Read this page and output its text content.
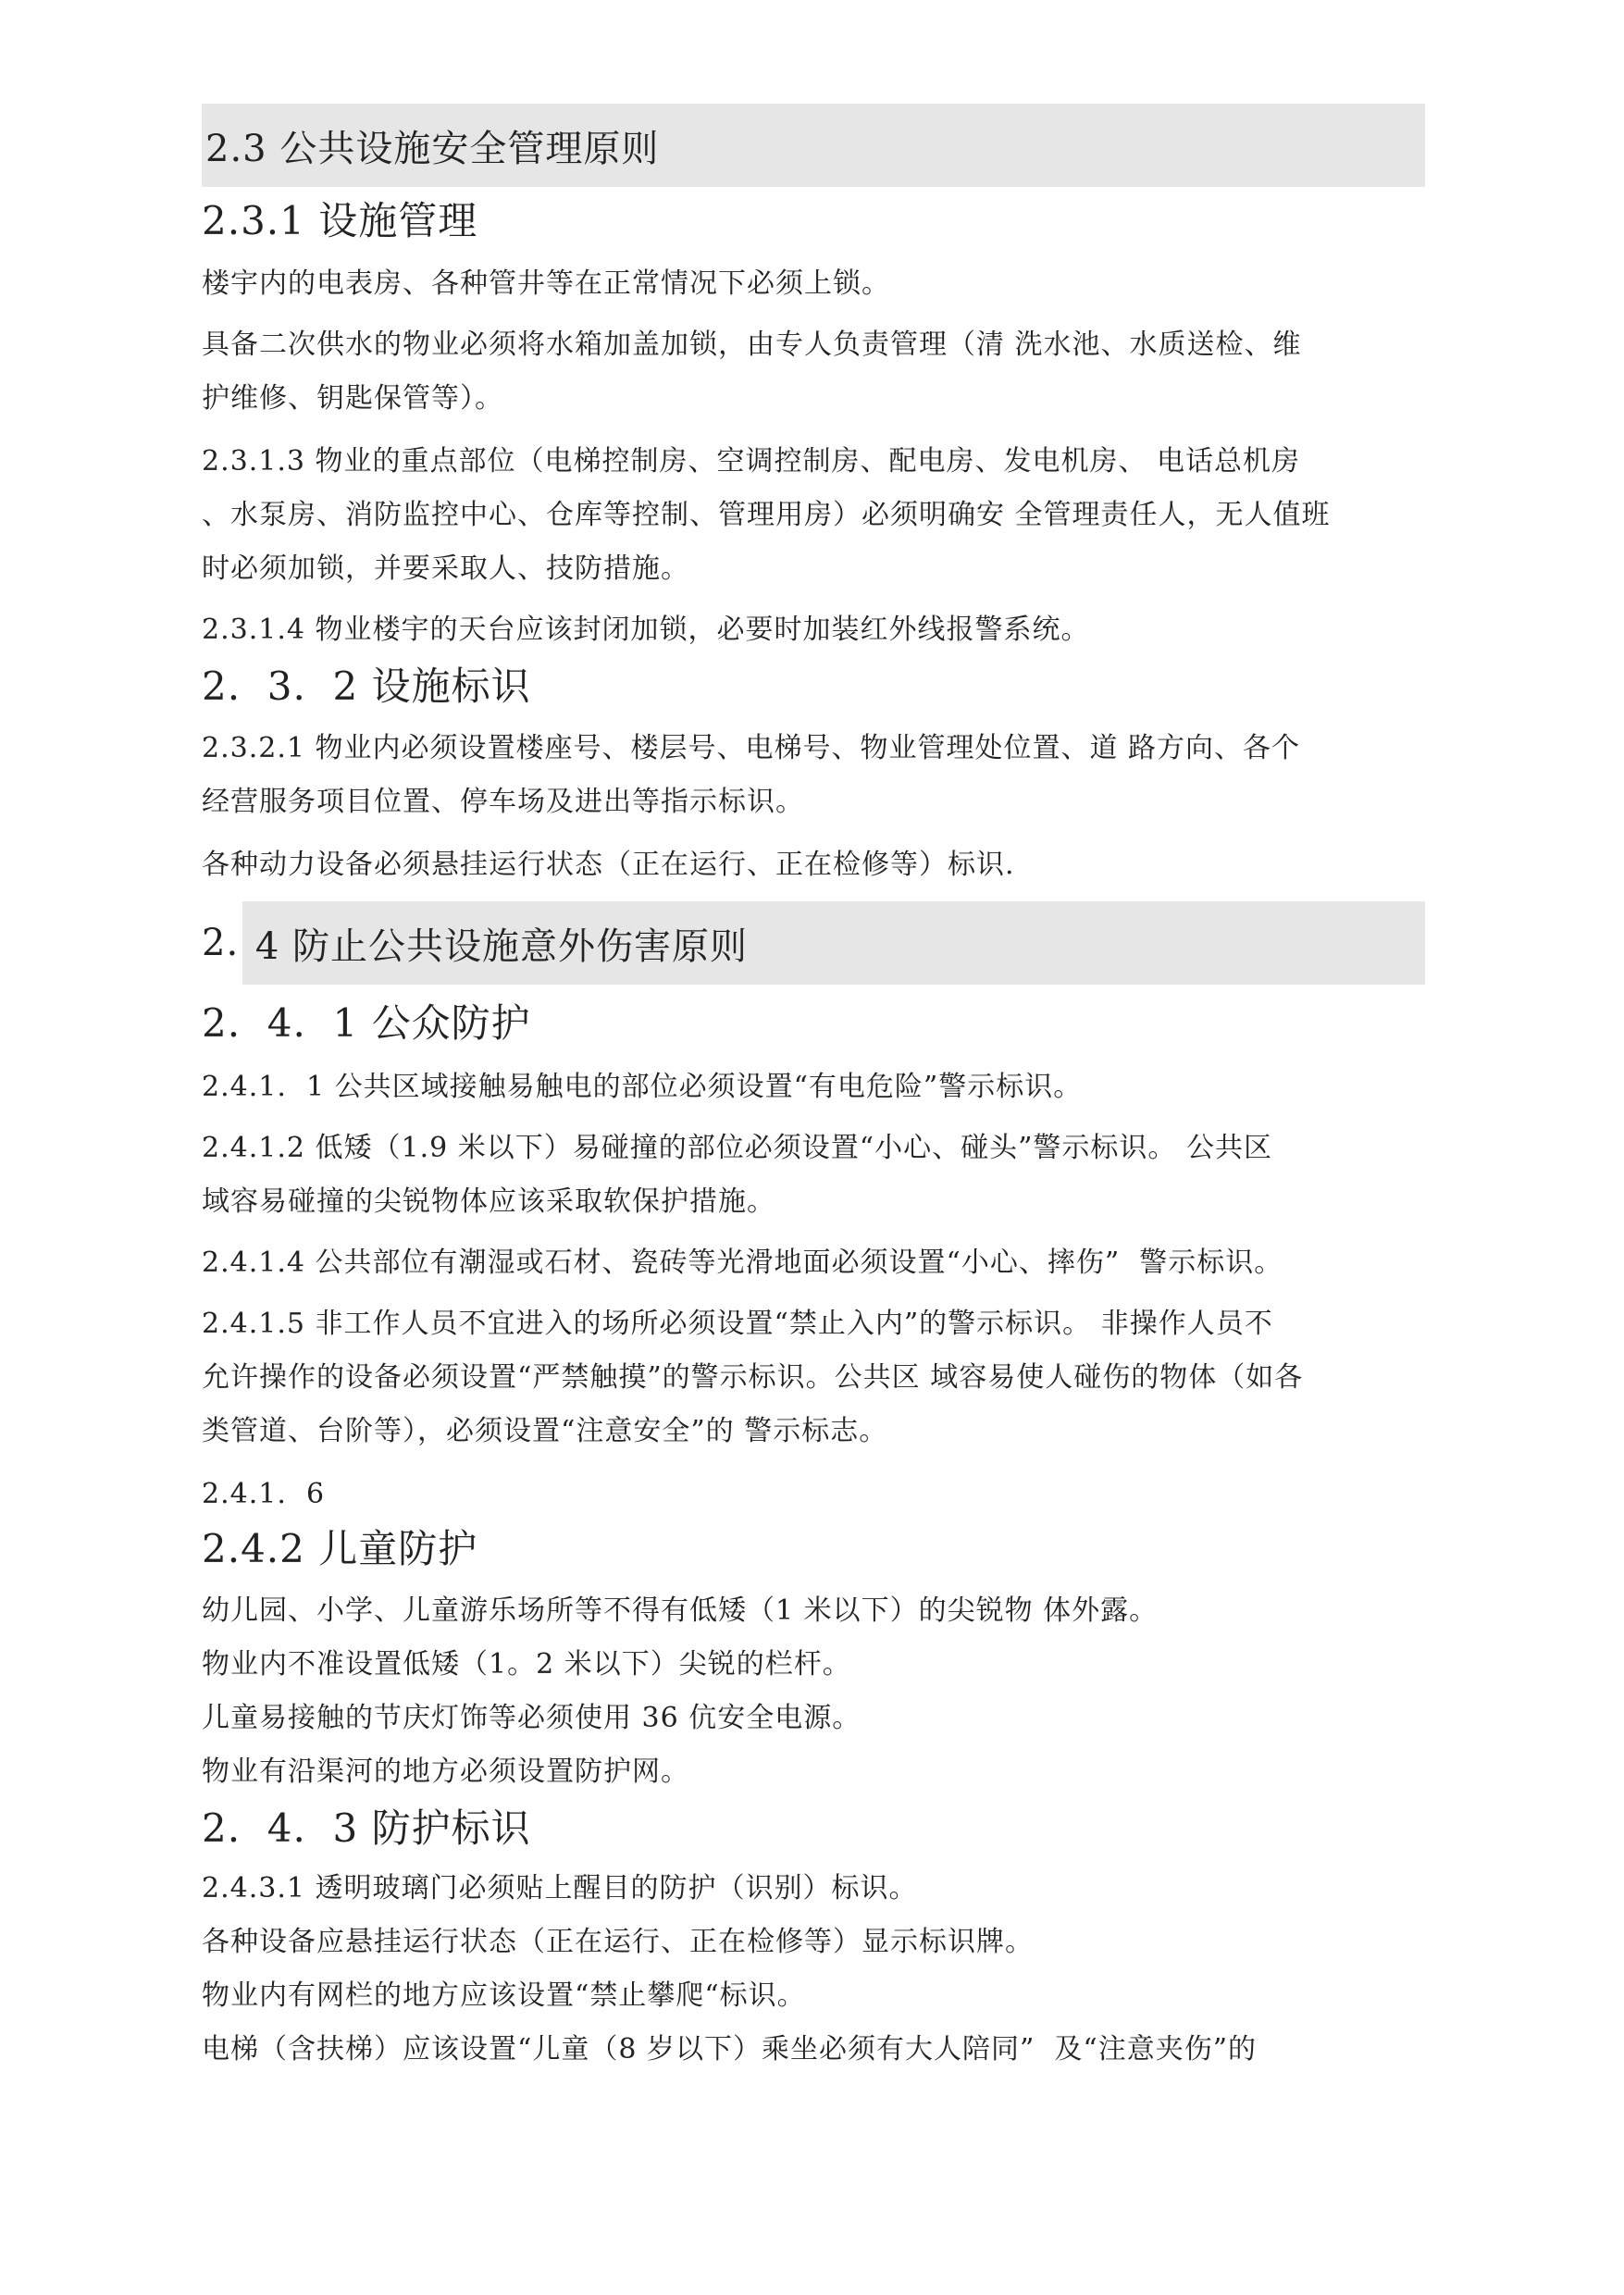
2.3 公共设施安全管理原则
2.3.1 设施管理
楼宇内的电表房、各种管井等在正常情况下必须上锁。
具备二次供水的物业必须将水箱加盖加锁，由专人负责管理（清 洗水池、水质送检、维
护维修、钥匙保管等）。
2.3.1.3 物业的重点部位（电梯控制房、空调控制房、配电房、发电机房、 电话总机房
、水泵房、消防监控中心、仓库等控制、管理用房）必须明确安 全管理责任人，无人值班
时必须加锁，并要采取人、技防措施。
2.3.1.4 物业楼宇的天台应该封闭加锁，必要时加装红外线报警系统。
2.  3.  2 设施标识
2.3.2.1 物业内必须设置楼座号、楼层号、电梯号、物业管理处位置、道 路方向、各个
经营服务项目位置、停车场及进出等指示标识。
各种动力设备必须悬挂运行状态（正在运行、正在检修等）标识.
2. 4 防止公共设施意外伤害原则
2.  4.  1 公众防护
2.4.1.  1 公共区域接触易触电的部位必须设置“有电危险”警示标识。
2.4.1.2 低矮（1.9 米以下）易碰撞的部位必须设置“小心、碰头”警示标识。 公共区
域容易碰撞的尖锐物体应该采取软保护措施。
2.4.1.4 公共部位有潮湿或石材、瓷砖等光滑地面必须设置“小心、摔伤”  警示标识。
2.4.1.5 非工作人员不宜进入的场所必须设置“禁止入内”的警示标识。 非操作人员不
允许操作的设备必须设置“严禁触摸”的警示标识。公共区 域容易使人碰伤的物体（如各
类管道、台阶等），必须设置“注意安全”的 警示标志。
2.4.1.  6
2.4.2 儿童防护
幼儿园、小学、儿童游乐场所等不得有低矮（1 米以下）的尖锐物 体外露。
物业内不准设置低矮（1。2 米以下）尖锐的栏杆。
儿童易接触的节庆灯饰等必须使用 36 伉安全电源。
物业有沿渠河的地方必须设置防护网。
2.  4.  3 防护标识
2.4.3.1 透明玻璃门必须贴上醒目的防护（识别）标识。
各种设备应悬挂运行状态（正在运行、正在检修等）显示标识牌。
物业内有网栏的地方应该设置“禁止攀爬“标识。
电梯（含扶梯）应该设置“儿童（8 岁以下）乘坐必须有大人陪同”  及“注意夹伤”的
